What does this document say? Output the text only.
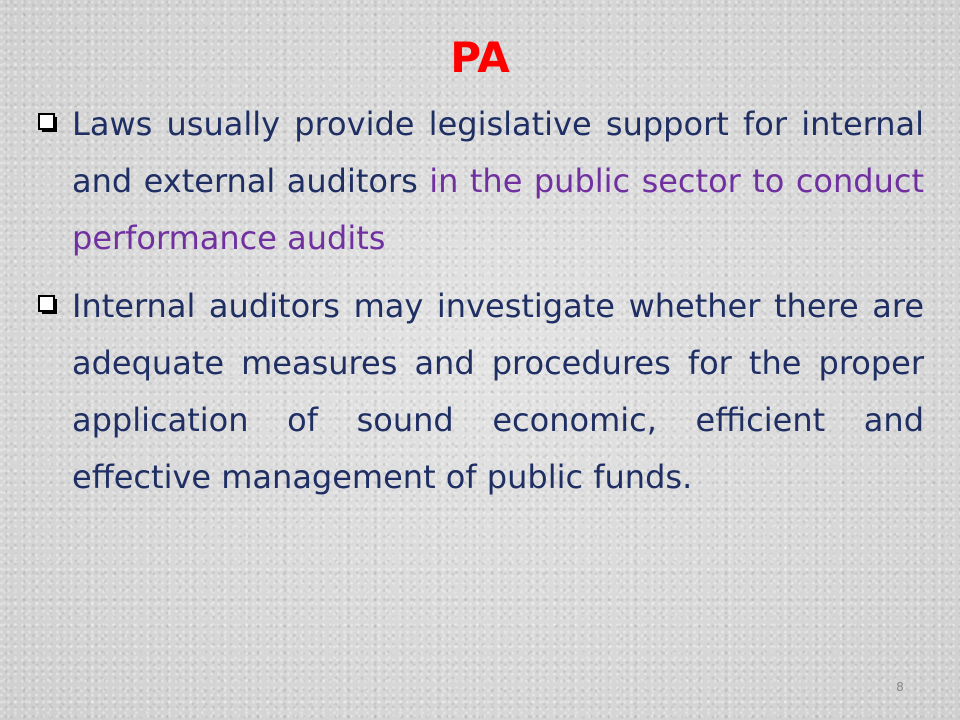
PA
Laws usually provide legislative support for internal and external auditors in the public sector to conduct performance audits
Internal auditors may investigate whether there are adequate measures and procedures for the proper application of sound economic, efficient and effective management of public funds.
8
